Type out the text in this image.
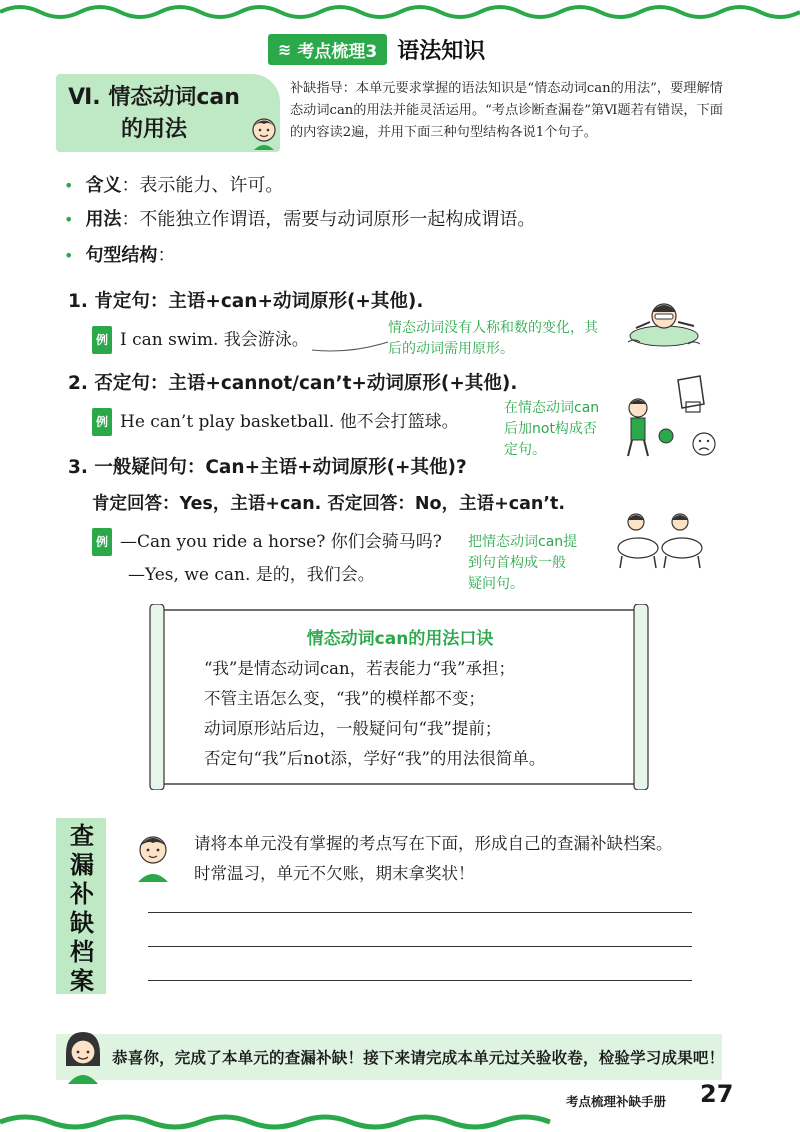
≋ 考点梳理3 语法知识
Ⅵ. 情态动词can
的用法
补缺指导：本单元要求掌握的语法知识是“情态动词can的用法”，要理解情态动词can的用法并能灵活运用。“考点诊断查漏卷”第Ⅵ题若有错误，下面的内容读2遍，并用下面三种句型结构各说1个句子。
• 含义 ：表示能力、许可。
• 用法 ：不能独立作谓语，需要与动词原形一起构成谓语。
• 句型结构 ：
1. 肯定句：主语+can+动词原形(+其他).
例 I can swim. 我会游泳。
情态动词没有人称和数的变化，其后的动词需用原形。
2. 否定句：主语+cannot/can’t+动词原形(+其他).
例 He can’t play basketball. 他不会打篮球。
在情态动词can后加not构成否定句。
3. 一般疑问句：Can+主语+动词原形(+其他)?
肯定回答：Yes，主语+can. 否定回答：No，主语+can’t.
例 —Can you ride a horse? 你们会骑马吗?
—Yes, we can. 是的，我们会。
把情态动词can提到句首构成一般疑问句。
情态动词can的用法口诀
“我”是情态动词can，若表能力“我”承担；
不管主语怎么变，“我”的模样都不变；
动词原形站后边，一般疑问句“我”提前；
否定句“我”后not添，学好“我”的用法很简单。
查
漏
补
缺
档
案
请将本单元没有掌握的考点写在下面，形成自己的查漏补缺档案。
时常温习，单元不欠账，期末拿奖状！
恭喜你，完成了本单元的查漏补缺！接下来请完成本单元过关验收卷，检验学习成果吧！
考点梳理补缺手册 27
